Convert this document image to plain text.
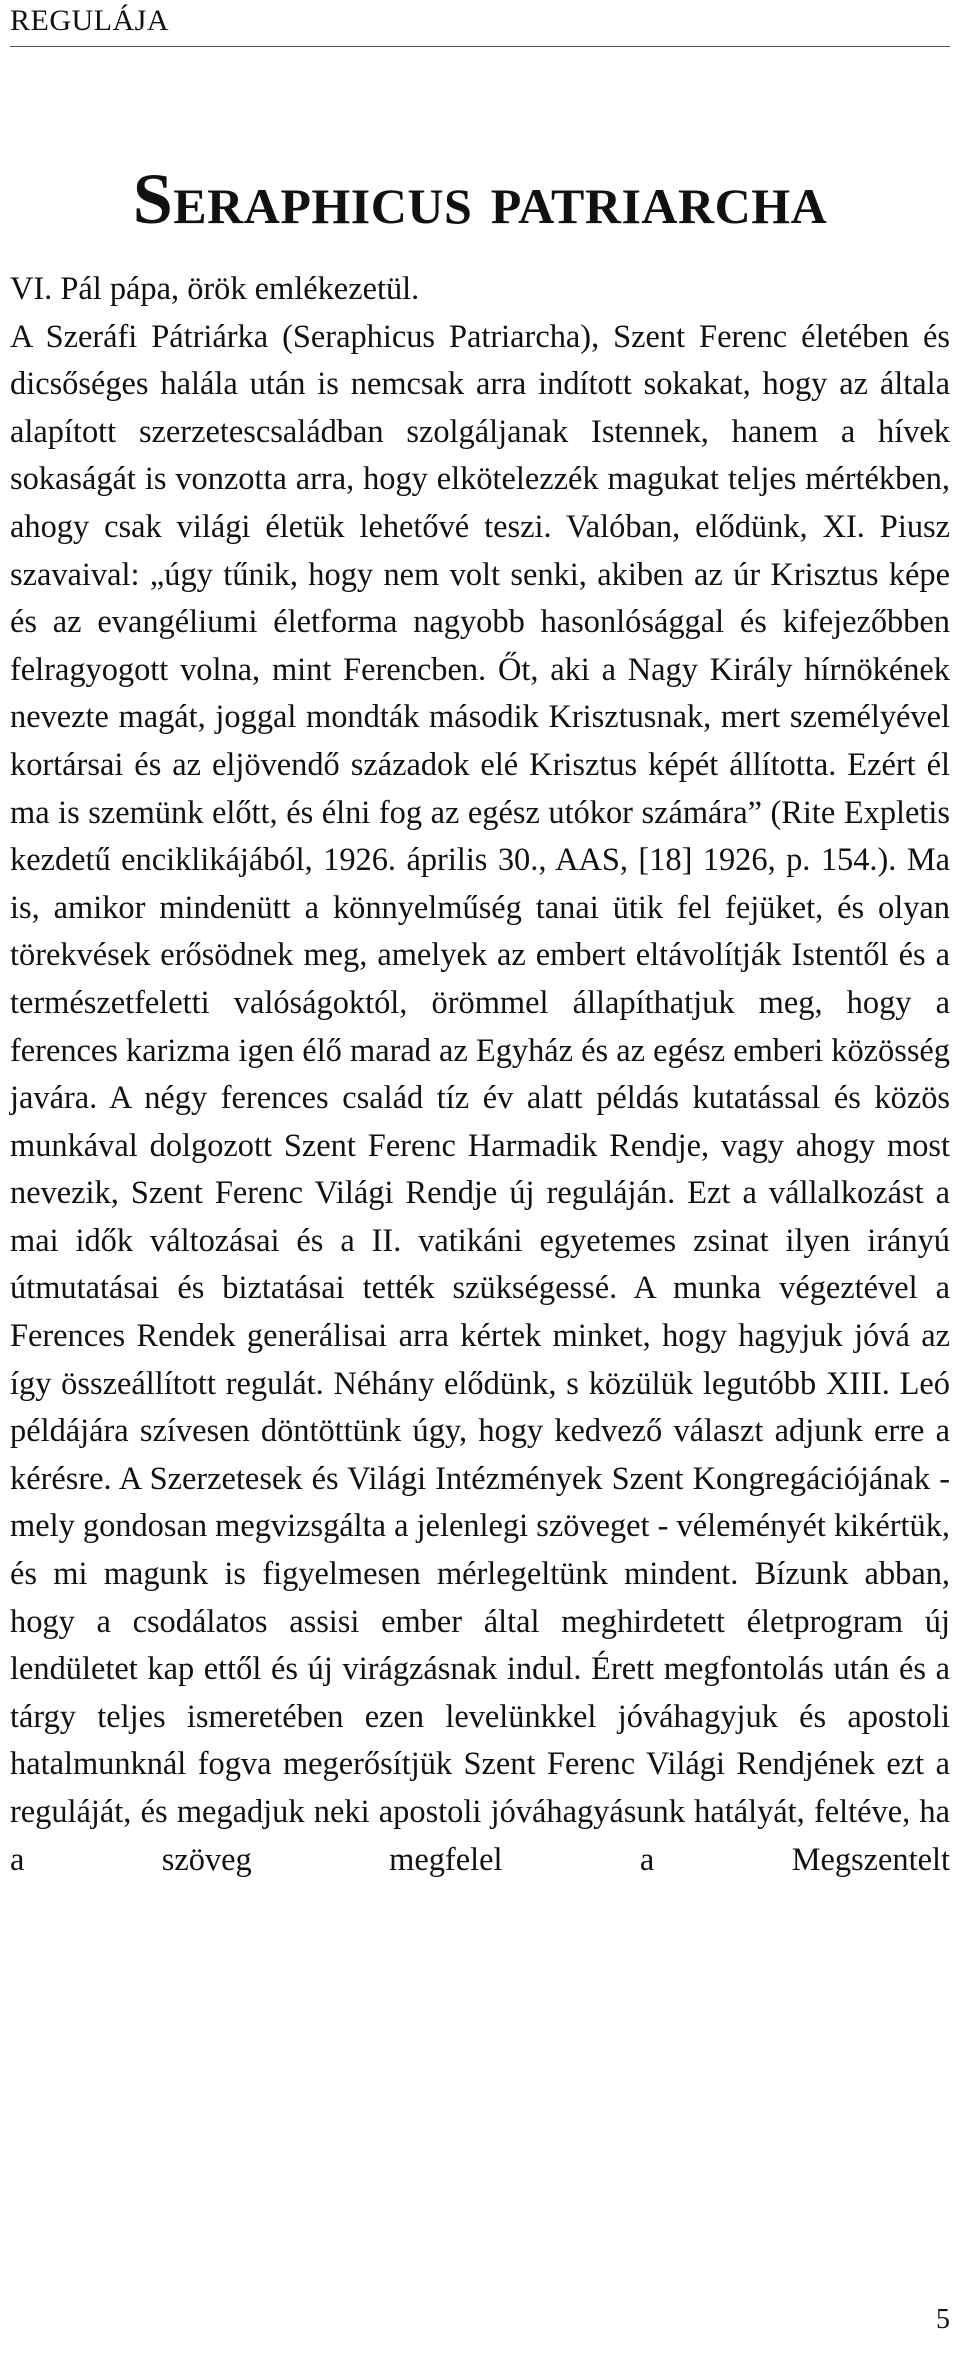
REGULÁJA
Seraphicus patriarcha

VI. Pál pápa, örök emlékezetül.

A Szeráfi Pátriárka (Seraphicus Patriarcha), Szent Ferenc életében és dicsőséges halála után is nemcsak arra indított sokakat, hogy az általa alapított szerzetescsaládban szolgáljanak Istennek, hanem a hívek sokaságát is vonzotta arra, hogy elkötelezzék magukat teljes mértékben, ahogy csak világi életük lehetővé teszi. Valóban, elődünk, XI. Piusz szavaival: „úgy tűnik, hogy nem volt senki, akiben az úr Krisztus képe és az evangéliumi életforma nagyobb hasonlósággal és kifejezőbben felragyogott volna, mint Ferencben. Őt, aki a Nagy Király hírnökének nevezte magát, joggal mondták második Krisztusnak, mert személyével kortársai és az eljövendő századok elé Krisztus képét állította. Ezért él ma is szemünk előtt, és élni fog az egész utókor számára” (Rite Expletis kezdetű enciklikájából, 1926. április 30., AAS, [18] 1926, p. 154.). Ma is, amikor mindenütt a könnyelműség tanai ütik fel fejüket, és olyan törekvések erősödnek meg, amelyek az embert eltávolítják Istentől és a természetfeletti valóságoktól, örömmel állapíthatjuk meg, hogy a ferences karizma igen élő marad az Egyház és az egész emberi közösség javára. A négy ferences család tíz év alatt példás kutatással és közös munkával dolgozott Szent Ferenc Harmadik Rendje, vagy ahogy most nevezik, Szent Ferenc Világi Rendje új reguláján. Ezt a vállalkozást a mai idők változásai és a II. vatikáni egyetemes zsinat ilyen irányú útmutatásai és biztatásai tették szükségessé. A munka végeztével a Ferences Rendek generálisai arra kértek minket, hogy hagyjuk jóvá az így összeállított regulát. Néhány elődünk, s közülük legutóbb XIII. Leó példájára szívesen döntöttünk úgy, hogy kedvező választ adjunk erre a kérésre. A Szerzetesek és Világi Intézmények Szent Kongregációjának - mely gondosan megvizsgálta a jelenlegi szöveget - véleményét kikértük, és mi magunk is figyelmesen mérlegeltünk mindent. Bízunk abban, hogy a csodálatos assisi ember által meghirdetett életprogram új lendületet kap ettől és új virágzásnak indul. Érett megfontolás után és a tárgy teljes ismeretében ezen levelünkkel jóváhagyjuk és apostoli hatalmunknál fogva megerősítjük Szent Ferenc Világi Rendjének ezt a reguláját, és megadjuk neki apostoli jóváhagyásunk hatályát, feltéve, ha a szöveg megfelel a Megszentelt

5
